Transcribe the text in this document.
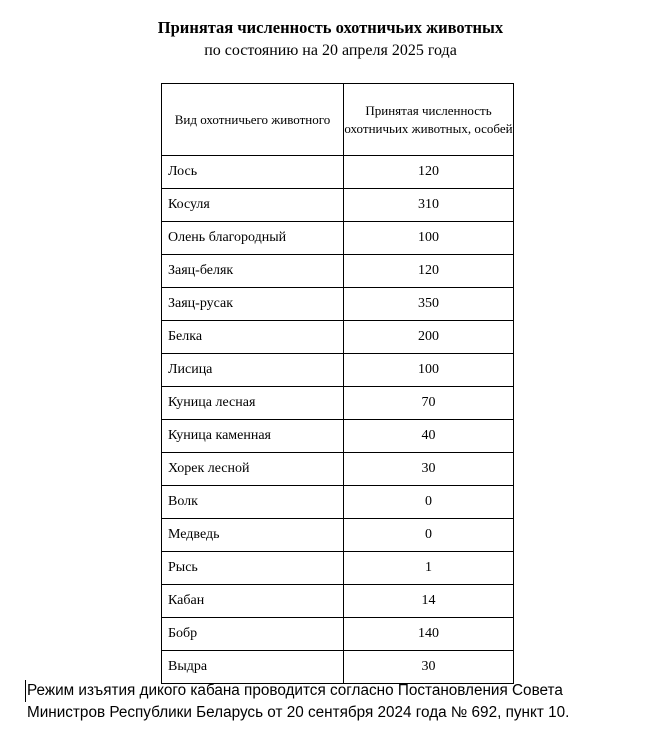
Принятая численность охотничьих животных
по состоянию на 20 апреля 2025 года
Вид охотничьего животного	Принятая численность охотничьих животных, особей
Лось	120
Косуля	310
Олень благородный	100
Заяц-беляк	120
Заяц-русак	350
Белка	200
Лисица	100
Куница лесная	70
Куница каменная	40
Хорек лесной	30
Волк	0
Медведь	0
Рысь	1
Кабан	14
Бобр	140
Выдра	30
Режим изъятия дикого кабана проводится согласно Постановления Совета
Министров Республики Беларусь от 20 сентября 2024 года № 692, пункт 10.
